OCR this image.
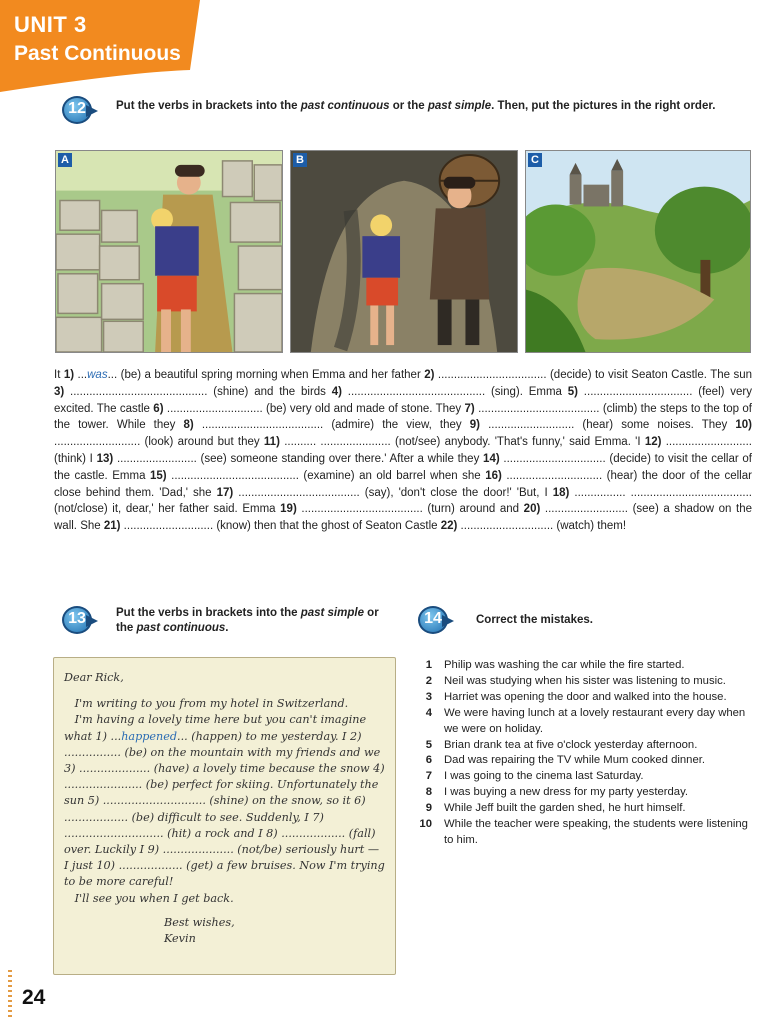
UNIT 3
Past Continuous
12	Put the verbs in brackets into the past continuous or the past simple. Then, put the pictures in the right order.
A	B	C
It 1) ...was... (be) a beautiful spring morning when Emma and her father 2) .................................. (decide) to visit Seaton Castle. The sun 3) ........................................... (shine) and the birds 4) ........................................... (sing). Emma 5) .................................. (feel) very excited. The castle 6) .............................. (be) very old and made of stone. They 7) ...................................... (climb) the steps to the top of the tower. While they 8) ...................................... (admire) the view, they 9) ........................... (hear) some noises. They 10) ........................... (look) around but they 11) .......... ...................... (not/see) anybody. 'That's funny,' said Emma. 'I 12) ........................... (think) I 13) ......................... (see) someone standing over there.' After a while they 14) ................................ (decide) to visit the cellar of the castle. Emma 15) ........................................ (examine) an old barrel when she 16) .............................. (hear) the door of the cellar close behind them. 'Dad,' she 17) ...................................... (say), 'don't close the door!' 'But, I 18) ................ ...................................... (not/close) it, dear,' her father said. Emma 19) ...................................... (turn) around and 20) .......................... (see) a shadow on the wall. She 21) ............................ (know) then that the ghost of Seaton Castle 22) ............................. (watch) them!
13	Put the verbs in brackets into the past simple or the past continuous.

Dear Rick,

I'm writing to you from my hotel in Switzerland.

I'm having a lovely time here but you can't imagine what 1) ...happened... (happen) to me yesterday. I 2) ................ (be) on the mountain with my friends and we 3) .................... (have) a lovely time because the snow 4) ...................... (be) perfect for skiing. Unfortunately the sun 5) ............................. (shine) on the snow, so it 6) .................. (be) difficult to see. Suddenly, I 7) ............................ (hit) a rock and I 8) .................. (fall) over. Luckily I 9) .................... (not/be) seriously hurt — I just 10) .................. (get) a few bruises. Now I'm trying to be more careful!

I'll see you when I get back.

Best wishes,

Kevin

14	Correct the mistakes.
1 Philip was washing the car while the fire started.
2 Neil was studying when his sister was listening to music.
3 Harriet was opening the door and walked into the house.
4 We were having lunch at a lovely restaurant every day when we were on holiday.
5 Brian drank tea at five o'clock yesterday afternoon.
6 Dad was repairing the TV while Mum cooked dinner.
7 I was going to the cinema last Saturday.
8 I was buying a new dress for my party yesterday.
9 While Jeff built the garden shed, he hurt himself.
10 While the teacher were speaking, the students were listening to him.
24
